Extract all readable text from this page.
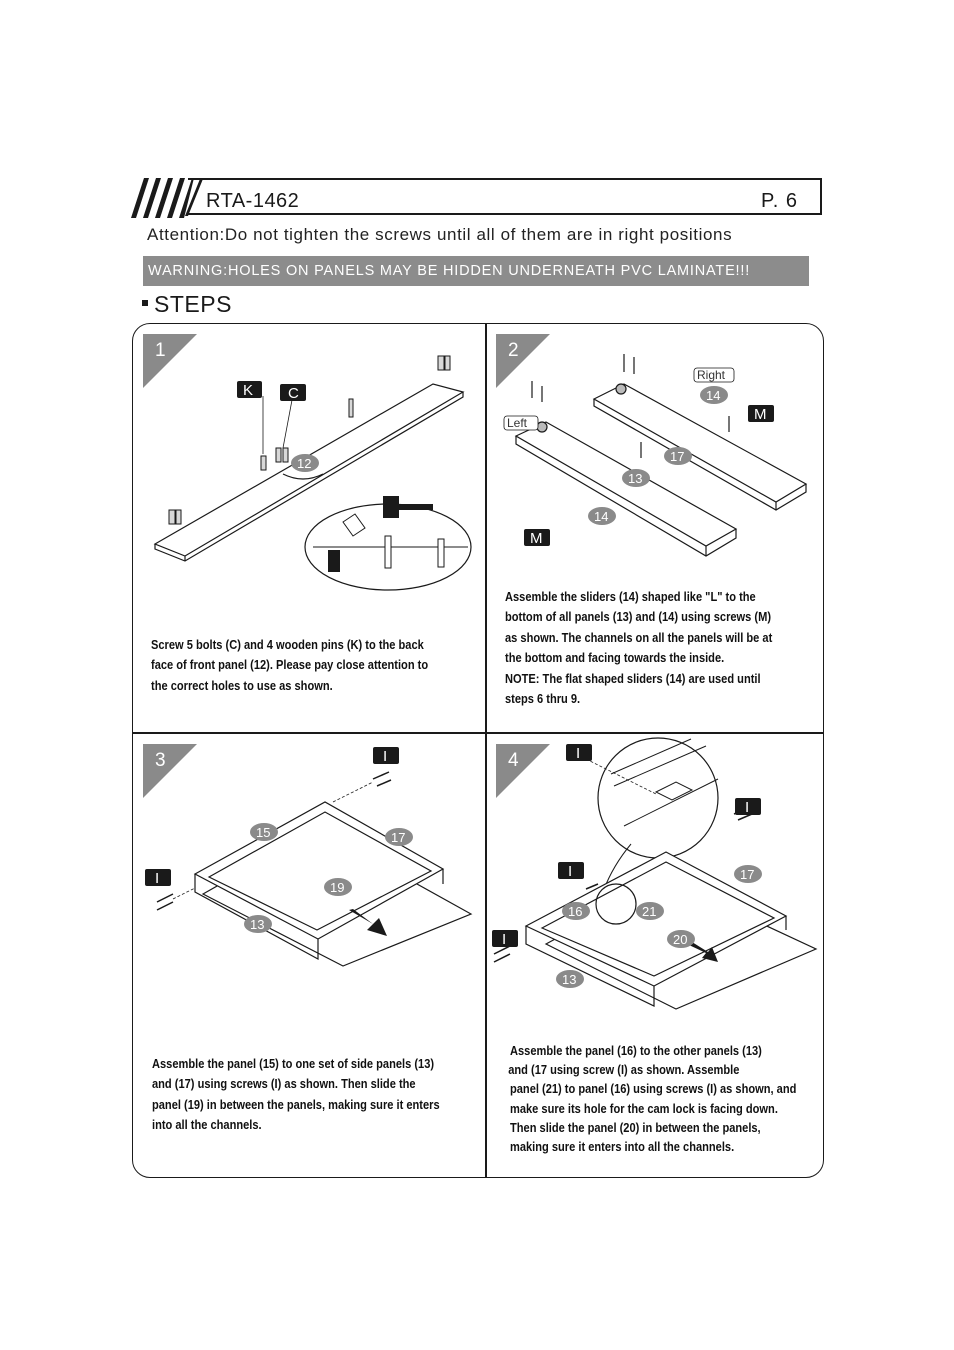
RTA-1462	P. 6
Attention:Do not tighten the screws until all of them are in right positions
WARNING:HOLES ON PANELS MAY BE HIDDEN UNDERNEATH PVC LAMINATE!!!
STEPS
1
K C
12
Screw 5 bolts (C) and 4 wooden pins (K) to the back
face of front panel (12). Please pay close attention to
the correct holes to use as shown.
2
Right
14
M
Left
17
13
14
M
Assemble the sliders (14) shaped like "L" to the
bottom of all panels (13) and (14) using screws (M)
as shown. The channels on all the panels will be at
the bottom and facing towards the inside.
NOTE: The flat shaped sliders (14) are used until
steps 6 thru 9.
3	I
15	17
I
19
13
Assemble the panel (15) to one set of side panels (13)
and (17) using screws (I) as shown. Then slide the
panel (19) in between the panels, making sure it enters
into all the channels.
4	I
I
I	17
16	21
I	20
13
Assemble the panel (16) to the other panels (13)
and (17 using screw (I) as shown. Assemble
panel (21) to panel (16) using screws (I) as shown, and
make sure its hole for the cam lock is facing down.
Then slide the panel (20) in between the panels,
making sure it enters into all the channels.
